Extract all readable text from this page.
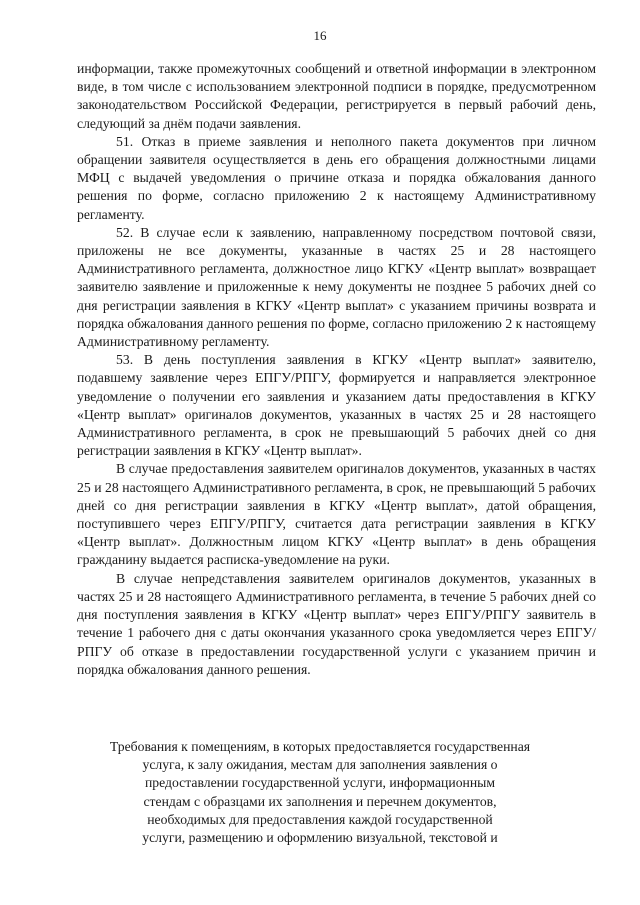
16

информации, также промежуточных сообщений и ответной информации в электронном виде, в том числе с использованием электронной подписи в порядке, предусмотренном законодательством Российской Федерации, регистрируется в первый рабочий день, следующий за днём подачи заявления.

51. Отказ в приеме заявления и неполного пакета документов при личном обращении заявителя осуществляется в день его обращения должностными лицами МФЦ с выдачей уведомления о причине отказа и порядка обжалования данного решения по форме, согласно приложению 2 к настоящему Административному регламенту.

52. В случае если к заявлению, направленному посредством почтовой связи, приложены не все документы, указанные в частях 25 и 28 настоящего Административного регламента, должностное лицо КГКУ «Центр выплат» возвращает заявителю заявление и приложенные к нему документы не позднее 5 рабочих дней со дня регистрации заявления в КГКУ «Центр выплат» с указанием причины возврата и порядка обжалования данного решения по форме, согласно приложению 2 к настоящему Административному регламенту.

53. В день поступления заявления в КГКУ «Центр выплат» заявителю, подавшему заявление через ЕПГУ/РПГУ, формируется и направляется электронное уведомление о получении его заявления и указанием даты предоставления в КГКУ «Центр выплат» оригиналов документов, указанных в частях 25 и 28 настоящего Административного регламента, в срок не превышающий 5 рабочих дней со дня регистрации заявления в КГКУ «Центр выплат».

В случае предоставления заявителем оригиналов документов, указанных в частях 25 и 28 настоящего Административного регламента, в срок, не превышающий 5 рабочих дней со дня регистрации заявления в КГКУ «Центр выплат», датой обращения, поступившего через ЕПГУ/РПГУ, считается дата регистрации заявления в КГКУ «Центр выплат». Должностным лицом КГКУ «Центр выплат» в день обращения гражданину выдается расписка-уведомление на руки.

В случае непредставления заявителем оригиналов документов, указанных в частях 25 и 28 настоящего Административного регламента, в течение 5 рабочих дней со дня поступления заявления в КГКУ «Центр выплат» через ЕПГУ/РПГУ заявитель в течение 1 рабочего дня с даты окончания указанного срока уведомляется через ЕПГУ/РПГУ об отказе в предоставлении государственной услуги с указанием причин и порядка обжалования данного решения.

Требования к помещениям, в которых предоставляется государственная

услуга, к залу ожидания, местам для заполнения заявления о

предоставлении государственной услуги, информационным

стендам с образцами их заполнения и перечнем документов,

необходимых для предоставления каждой государственной

услуги, размещению и оформлению визуальной, текстовой и
